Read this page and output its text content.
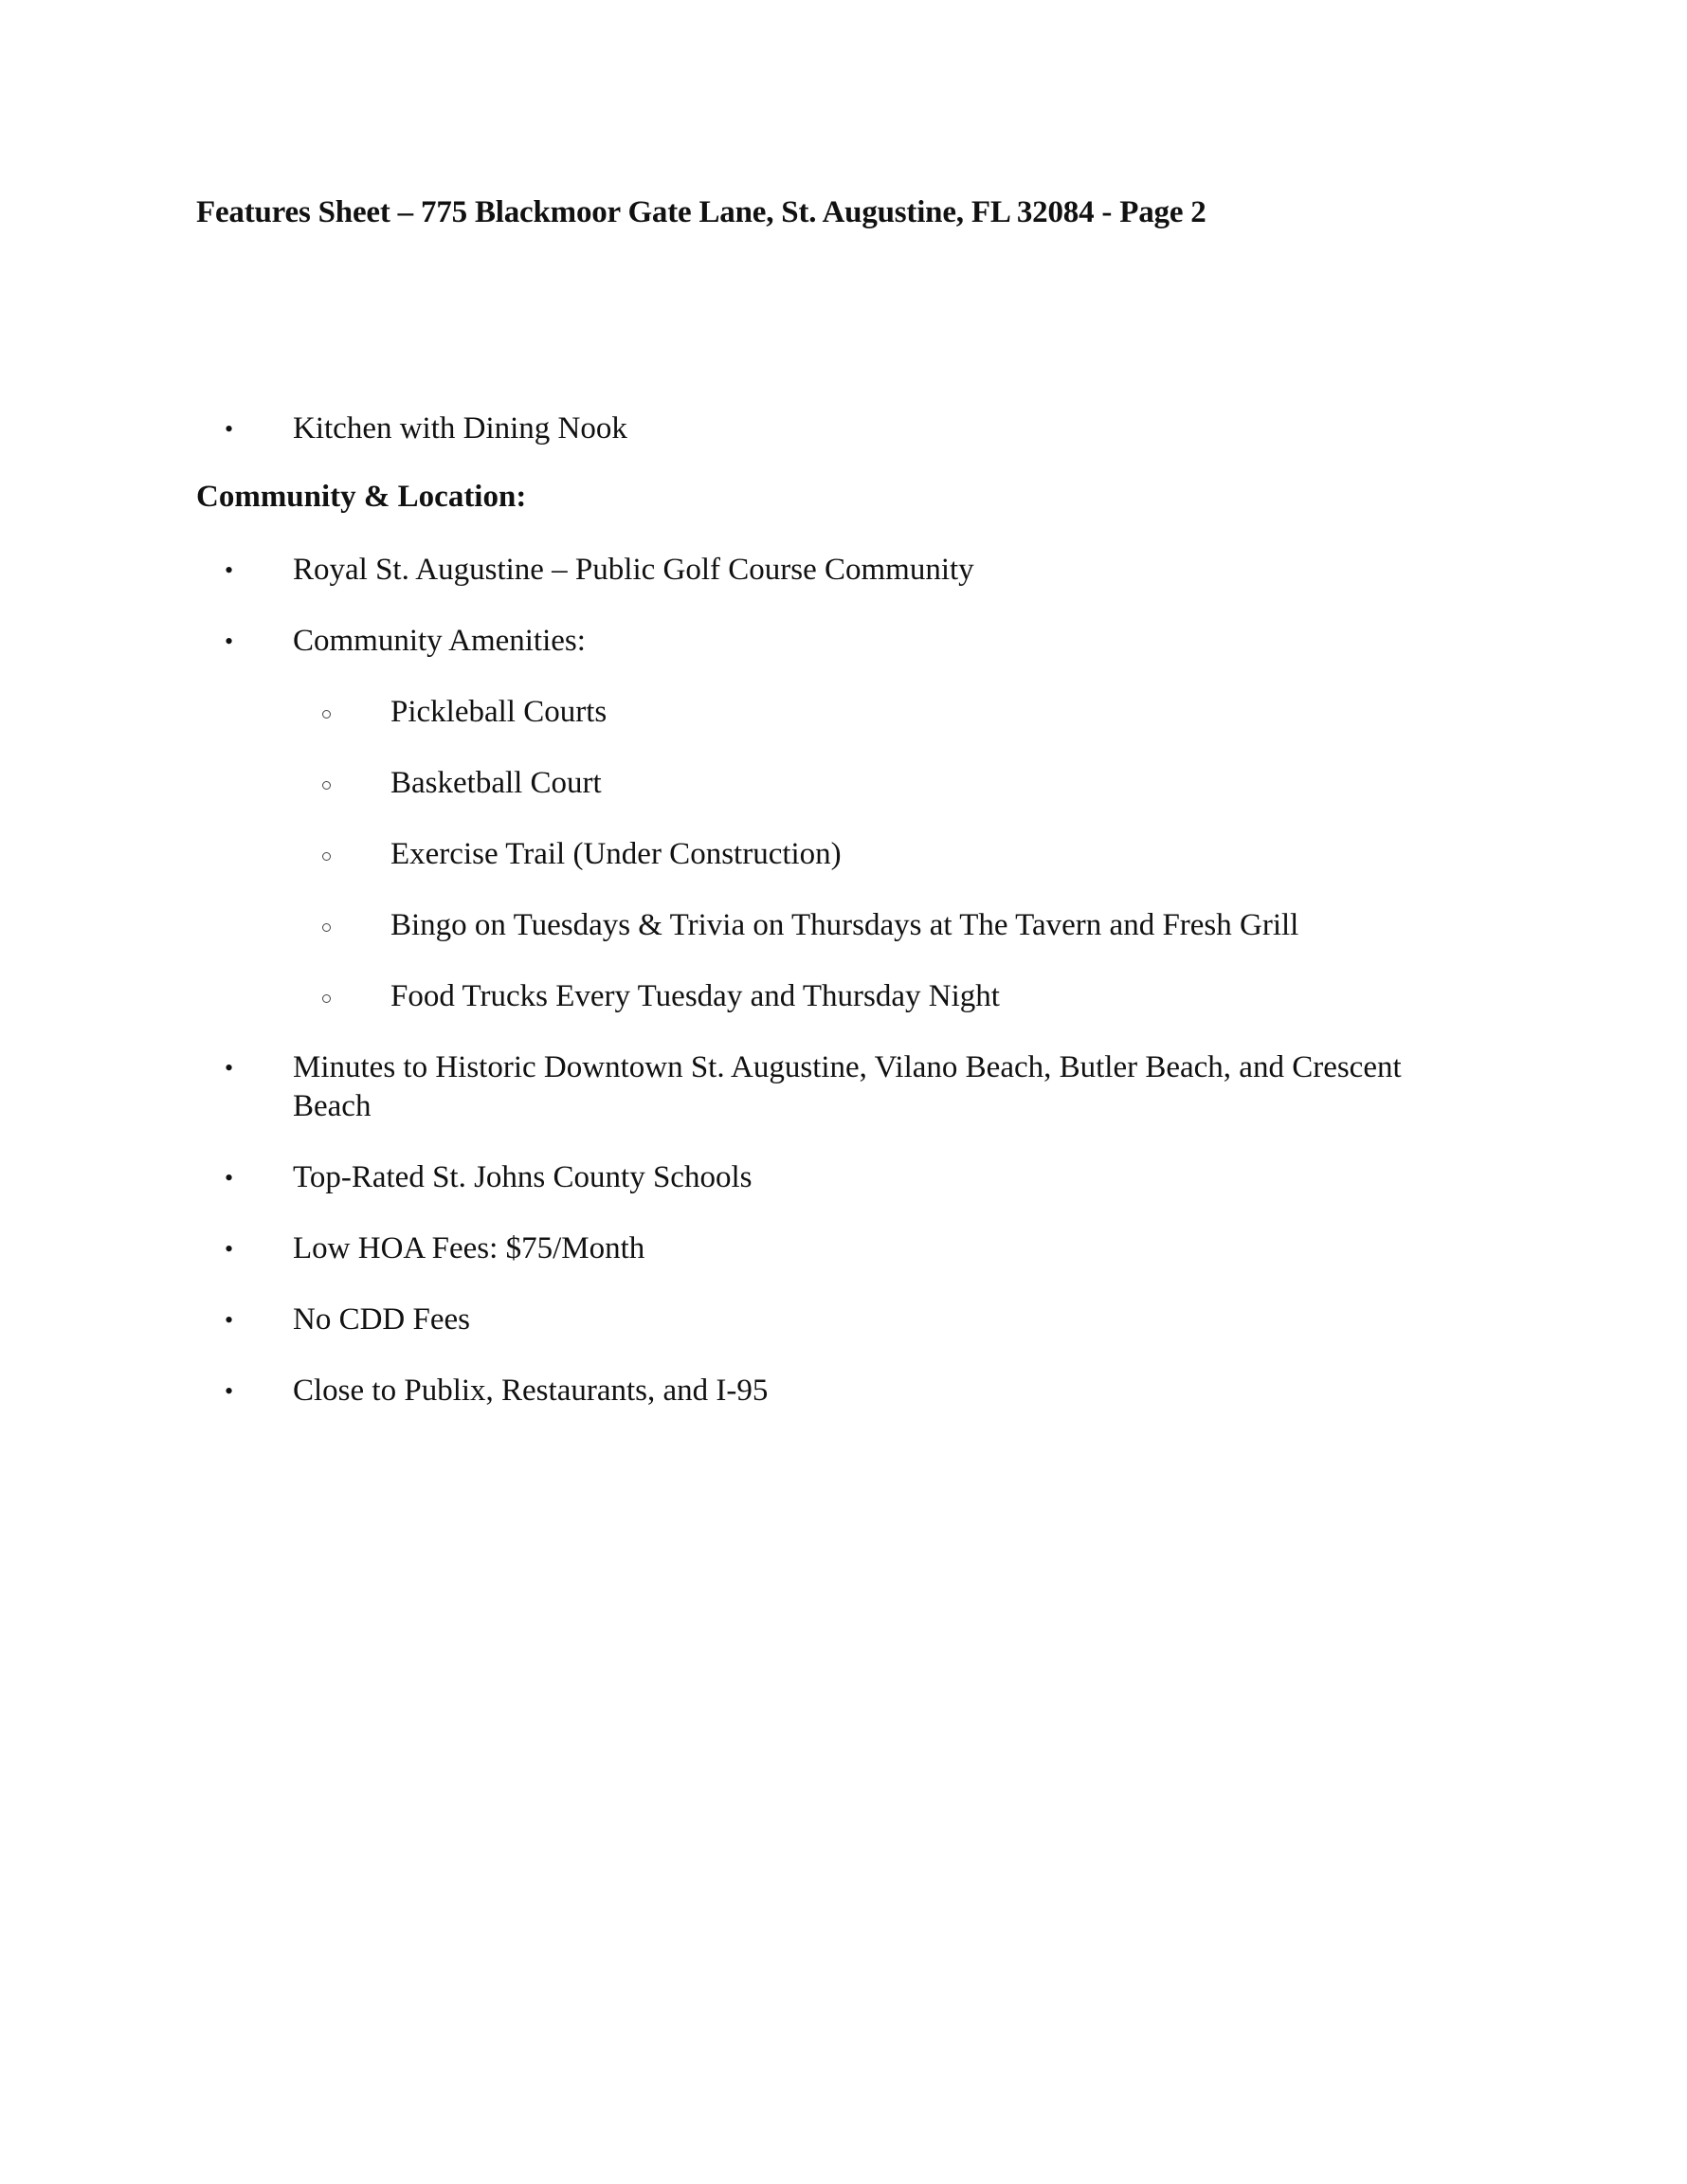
Features Sheet – 775 Blackmoor Gate Lane, St. Augustine, FL 32084 - Page 2
• Kitchen with Dining Nook
Community & Location:
• Royal St. Augustine – Public Golf Course Community
• Community Amenities:
Pickleball Courts
Basketball Court
Exercise Trail (Under Construction)
Bingo on Tuesdays & Trivia on Thursdays at The Tavern and Fresh Grill
Food Trucks Every Tuesday and Thursday Night
• Minutes to Historic Downtown St. Augustine, Vilano Beach, Butler Beach, and Crescent Beach
• Top-Rated St. Johns County Schools
• Low HOA Fees: $75/Month
• No CDD Fees
• Close to Publix, Restaurants, and I-95
